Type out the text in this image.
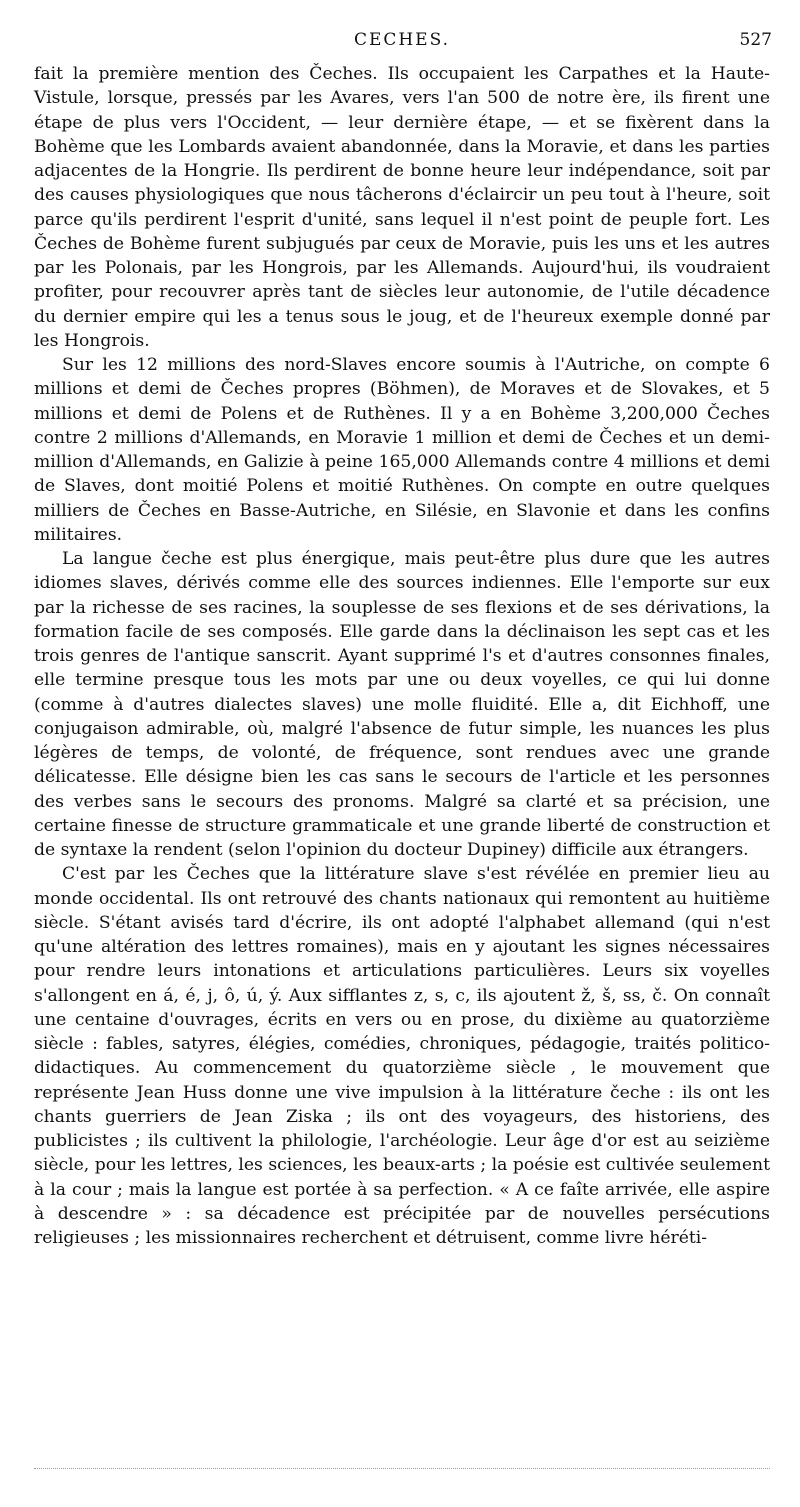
CECHES.	527

fait la première mention des Čeches. Ils occupaient les Carpathes et la Haute-Vistule, lorsque, pressés par les Avares, vers l'an 500 de notre ère, ils firent une étape de plus vers l'Occident, — leur dernière étape, — et se fixèrent dans la Bohème que les Lombards avaient abandonnée, dans la Moravie, et dans les parties adjacentes de la Hongrie. Ils perdirent de bonne heure leur indépendance, soit par des causes physiologiques que nous tâcherons d'éclaircir un peu tout à l'heure, soit parce qu'ils perdirent l'esprit d'unité, sans lequel il n'est point de peuple fort. Les Čeches de Bohème furent subjugués par ceux de Moravie, puis les uns et les autres par les Polonais, par les Hongrois, par les Allemands. Aujourd'hui, ils voudraient profiter, pour recouvrer après tant de siècles leur autonomie, de l'utile décadence du dernier empire qui les a tenus sous le joug, et de l'heureux exemple donné par les Hongrois.

Sur les 12 millions des nord-Slaves encore soumis à l'Autriche, on compte 6 millions et demi de Čeches propres (Böhmen), de Moraves et de Slovakes, et 5 millions et demi de Polens et de Ruthènes. Il y a en Bohème 3,200,000 Čeches contre 2 millions d'Allemands, en Moravie 1 million et demi de Čeches et un demi-million d'Allemands, en Galizie à peine 165,000 Allemands contre 4 millions et demi de Slaves, dont moitié Polens et moitié Ruthènes. On compte en outre quelques milliers de Čeches en Basse-Autriche, en Silésie, en Slavonie et dans les confins militaires.

La langue čeche est plus énergique, mais peut-être plus dure que les autres idiomes slaves, dérivés comme elle des sources indiennes. Elle l'emporte sur eux par la richesse de ses racines, la souplesse de ses flexions et de ses dérivations, la formation facile de ses composés. Elle garde dans la déclinaison les sept cas et les trois genres de l'antique sanscrit. Ayant supprimé l's et d'autres consonnes finales, elle termine presque tous les mots par une ou deux voyelles, ce qui lui donne (comme à d'autres dialectes slaves) une molle fluidité. Elle a, dit Eichhoff, une conjugaison admirable, où, malgré l'absence de futur simple, les nuances les plus légères de temps, de volonté, de fréquence, sont rendues avec une grande délicatesse. Elle désigne bien les cas sans le secours de l'article et les personnes des verbes sans le secours des pronoms. Malgré sa clarté et sa précision, une certaine finesse de structure grammaticale et une grande liberté de construction et de syntaxe la rendent (selon l'opinion du docteur Dupiney) difficile aux étrangers.

C'est par les Čeches que la littérature slave s'est révélée en premier lieu au monde occidental. Ils ont retrouvé des chants nationaux qui remontent au huitième siècle. S'étant avisés tard d'écrire, ils ont adopté l'alphabet allemand (qui n'est qu'une altération des lettres romaines), mais en y ajoutant les signes nécessaires pour rendre leurs intonations et articulations particulières. Leurs six voyelles s'allongent en á, é, j, ô, ú, ý. Aux sifflantes z, s, c, ils ajoutent ž, š, ss, č. On connaît une centaine d'ouvrages, écrits en vers ou en prose, du dixième au quatorzième siècle : fables, satyres, élégies, comédies, chroniques, pédagogie, traités politico-didactiques. Au commencement du quatorzième siècle , le mouvement que représente Jean Huss donne une vive impulsion à la littérature čeche : ils ont les chants guerriers de Jean Ziska ; ils ont des voyageurs, des historiens, des publicistes ; ils cultivent la philologie, l'archéologie. Leur âge d'or est au seizième siècle, pour les lettres, les sciences, les beaux-arts ; la poésie est cultivée seulement à la cour ; mais la langue est portée à sa perfection. « A ce faîte arrivée, elle aspire à descendre » : sa décadence est précipitée par de nouvelles persécutions religieuses ; les missionnaires recherchent et détruisent, comme livre héréti-
